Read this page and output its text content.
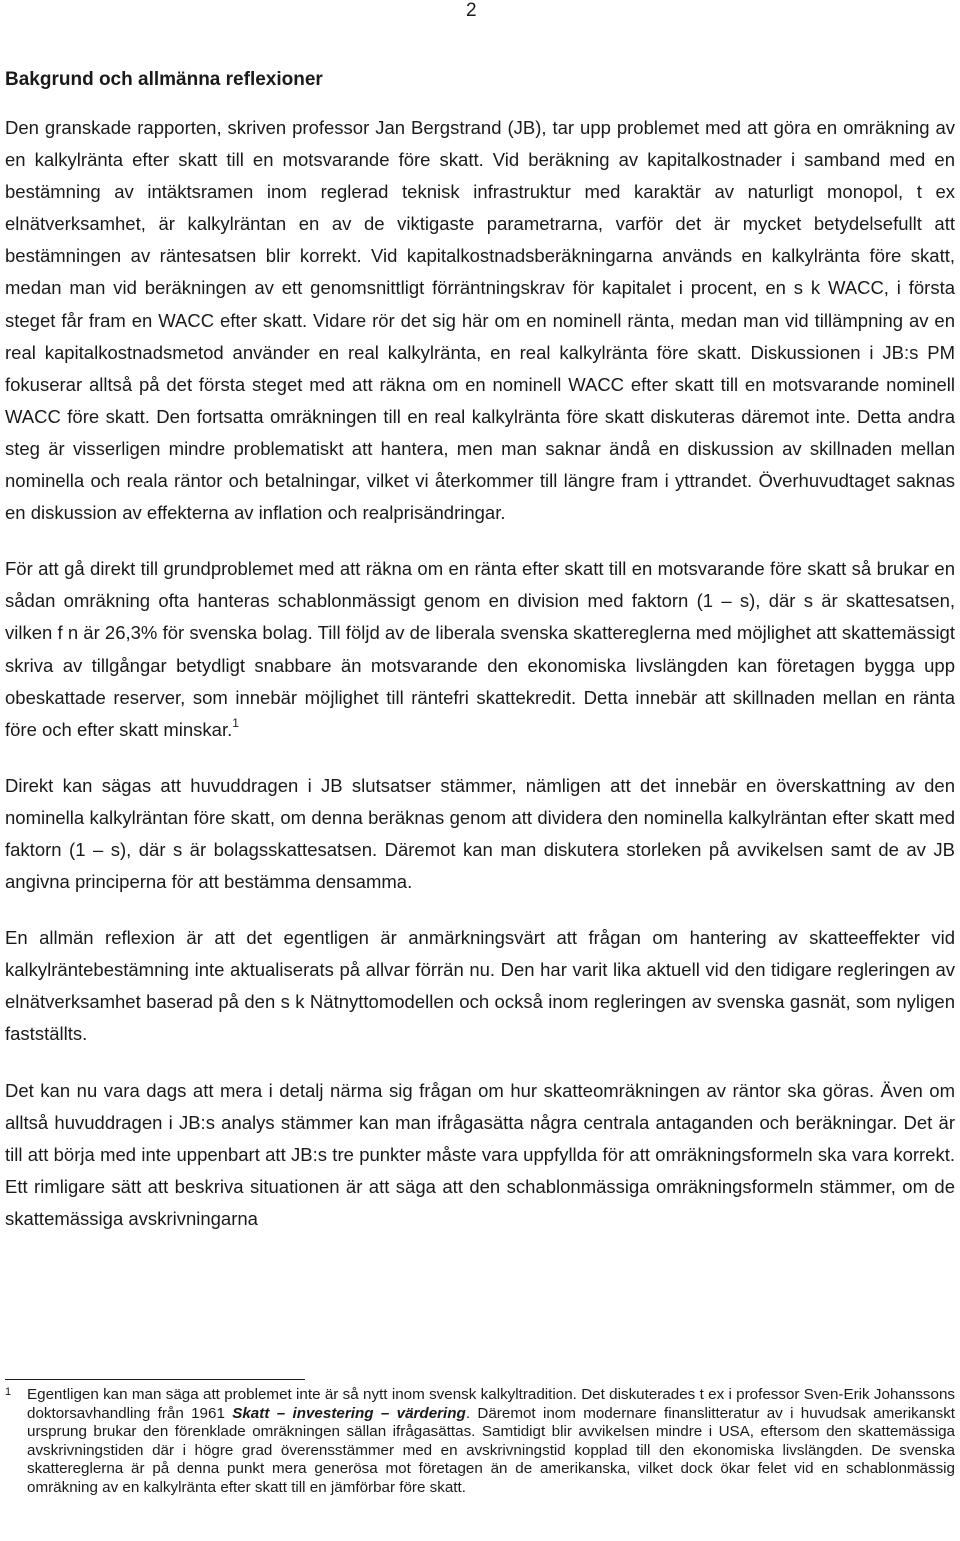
2
Bakgrund och allmänna reflexioner

Den granskade rapporten, skriven professor Jan Bergstrand (JB), tar upp problemet med att göra en omräkning av en kalkylränta efter skatt till en motsvarande före skatt. Vid beräkning av kapitalkostnader i samband med en bestämning av intäktsramen inom reglerad teknisk infrastruktur med karaktär av naturligt monopol, t ex elnätverksamhet, är kalkylräntan en av de viktigaste parametrarna, varför det är mycket betydelsefullt att bestämningen av räntesatsen blir korrekt. Vid kapitalkostnadsberäkningarna används en kalkylränta före skatt, medan man vid beräkningen av ett genomsnittligt förräntningskrav för kapitalet i procent, en s k WACC, i första steget får fram en WACC efter skatt. Vidare rör det sig här om en nominell ränta, medan man vid tillämpning av en real kapitalkostnadsmetod använder en real kalkylränta, en real kalkylränta före skatt. Diskussionen i JB:s PM fokuserar alltså på det första steget med att räkna om en nominell WACC efter skatt till en motsvarande nominell WACC före skatt. Den fortsatta omräkningen till en real kalkylränta före skatt diskuteras däremot inte. Detta andra steg är visserligen mindre problematiskt att hantera, men man saknar ändå en diskussion av skillnaden mellan nominella och reala räntor och betalningar, vilket vi återkommer till längre fram i yttrandet. Överhuvudtaget saknas en diskussion av effekterna av inflation och realprisändringar.

För att gå direkt till grundproblemet med att räkna om en ränta efter skatt till en motsvarande före skatt så brukar en sådan omräkning ofta hanteras schablonmässigt genom en division med faktorn (1 – s), där s är skattesatsen, vilken f n är 26,3% för svenska bolag. Till följd av de liberala svenska skattereglerna med möjlighet att skattemässigt skriva av tillgångar betydligt snabbare än motsvarande den ekonomiska livslängden kan företagen bygga upp obeskattade reserver, som innebär möjlighet till räntefri skattekredit. Detta innebär att skillnaden mellan en ränta före och efter skatt minskar.$^1$

Direkt kan sägas att huvuddragen i JB slutsatser stämmer, nämligen att det innebär en överskattning av den nominella kalkylräntan före skatt, om denna beräknas genom att dividera den nominella kalkylräntan efter skatt med faktorn (1 – s), där s är bolagsskattesatsen. Däremot kan man diskutera storleken på avvikelsen samt de av JB angivna principerna för att bestämma densamma.

En allmän reflexion är att det egentligen är anmärkningsvärt att frågan om hantering av skatteeffekter vid kalkylräntebestämning inte aktualiserats på allvar förrän nu. Den har varit lika aktuell vid den tidigare regleringen av elnätverksamhet baserad på den s k Nätnyttomodellen och också inom regleringen av svenska gasnät, som nyligen fastställts.

Det kan nu vara dags att mera i detalj närma sig frågan om hur skatteomräkningen av räntor ska göras. Även om alltså huvuddragen i JB:s analys stämmer kan man ifrågasätta några centrala antaganden och beräkningar. Det är till att börja med inte uppenbart att JB:s tre punkter måste vara uppfyllda för att omräkningsformeln ska vara korrekt. Ett rimligare sätt att beskriva situationen är att säga att den schablonmässiga omräkningsformeln stämmer, om de skattemässiga avskrivningarna

1 Egentligen kan man säga att problemet inte är så nytt inom svensk kalkyltradition. Det diskuterades t ex i professor Sven-Erik Johanssons doktorsavhandling från 1961 Skatt – investering – värdering. Däremot inom modernare finanslitteratur av i huvudsak amerikanskt ursprung brukar den förenklade omräkningen sällan ifrågasättas. Samtidigt blir avvikelsen mindre i USA, eftersom den skattemässiga avskrivningstiden där i högre grad överensstämmer med en avskrivningstid kopplad till den ekonomiska livslängden. De svenska skattereglerna är på denna punkt mera generösa mot företagen än de amerikanska, vilket dock ökar felet vid en schablonmässig omräkning av en kalkylränta efter skatt till en jämförbar före skatt.
